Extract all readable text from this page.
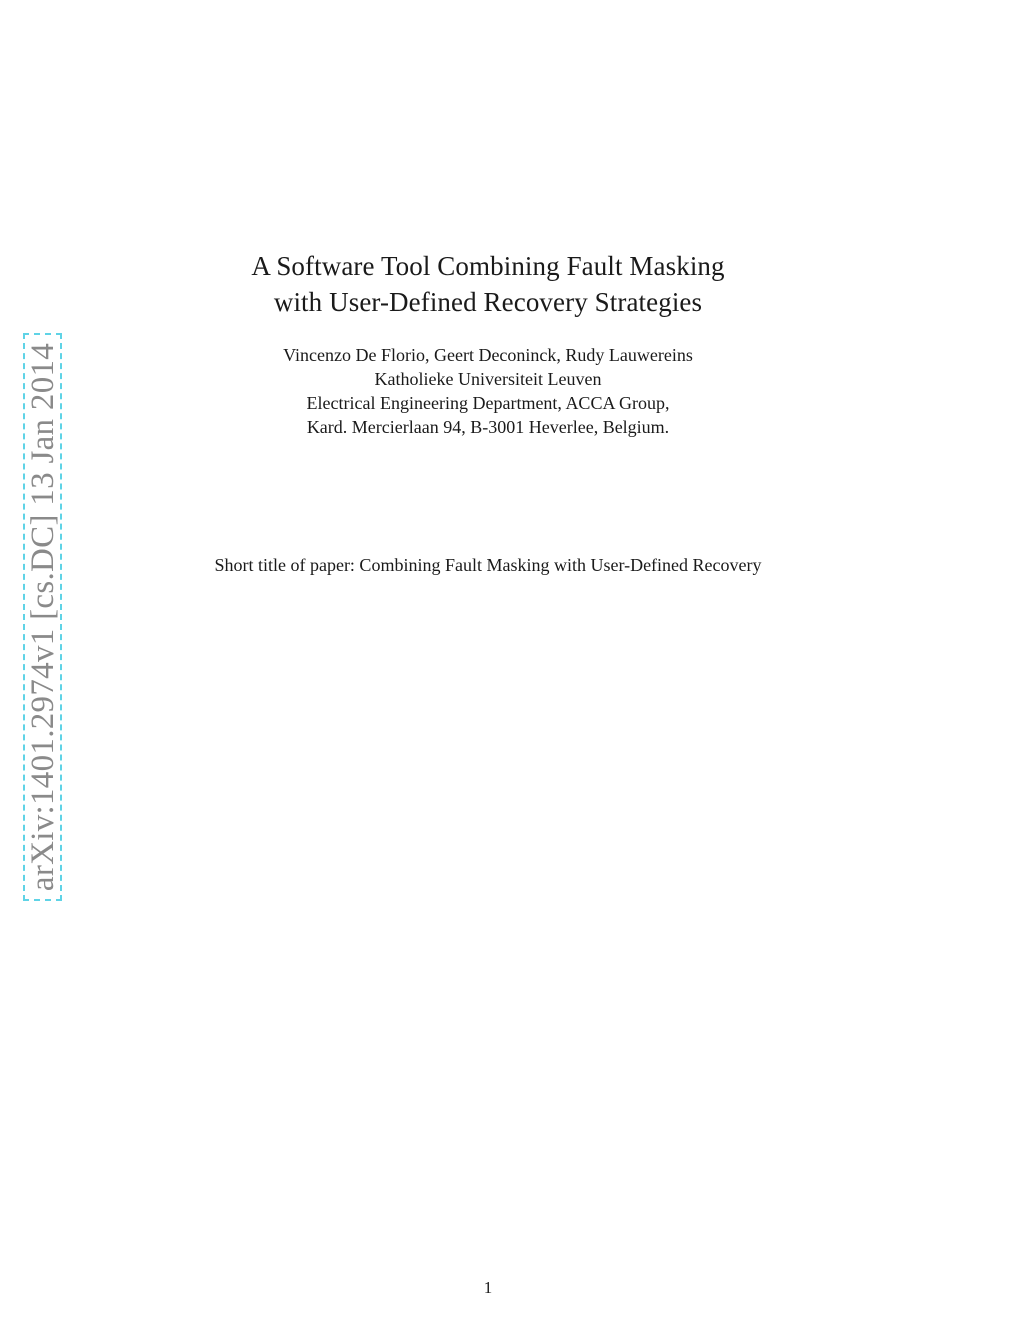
arXiv:1401.2974v1 [cs.DC] 13 Jan 2014
A Software Tool Combining Fault Masking
with User-Defined Recovery Strategies
Vincenzo De Florio, Geert Deconinck, Rudy Lauwereins
Katholieke Universiteit Leuven
Electrical Engineering Department, ACCA Group,
Kard. Mercierlaan 94, B-3001 Heverlee, Belgium.
Short title of paper: Combining Fault Masking with User-Defined Recovery
1
